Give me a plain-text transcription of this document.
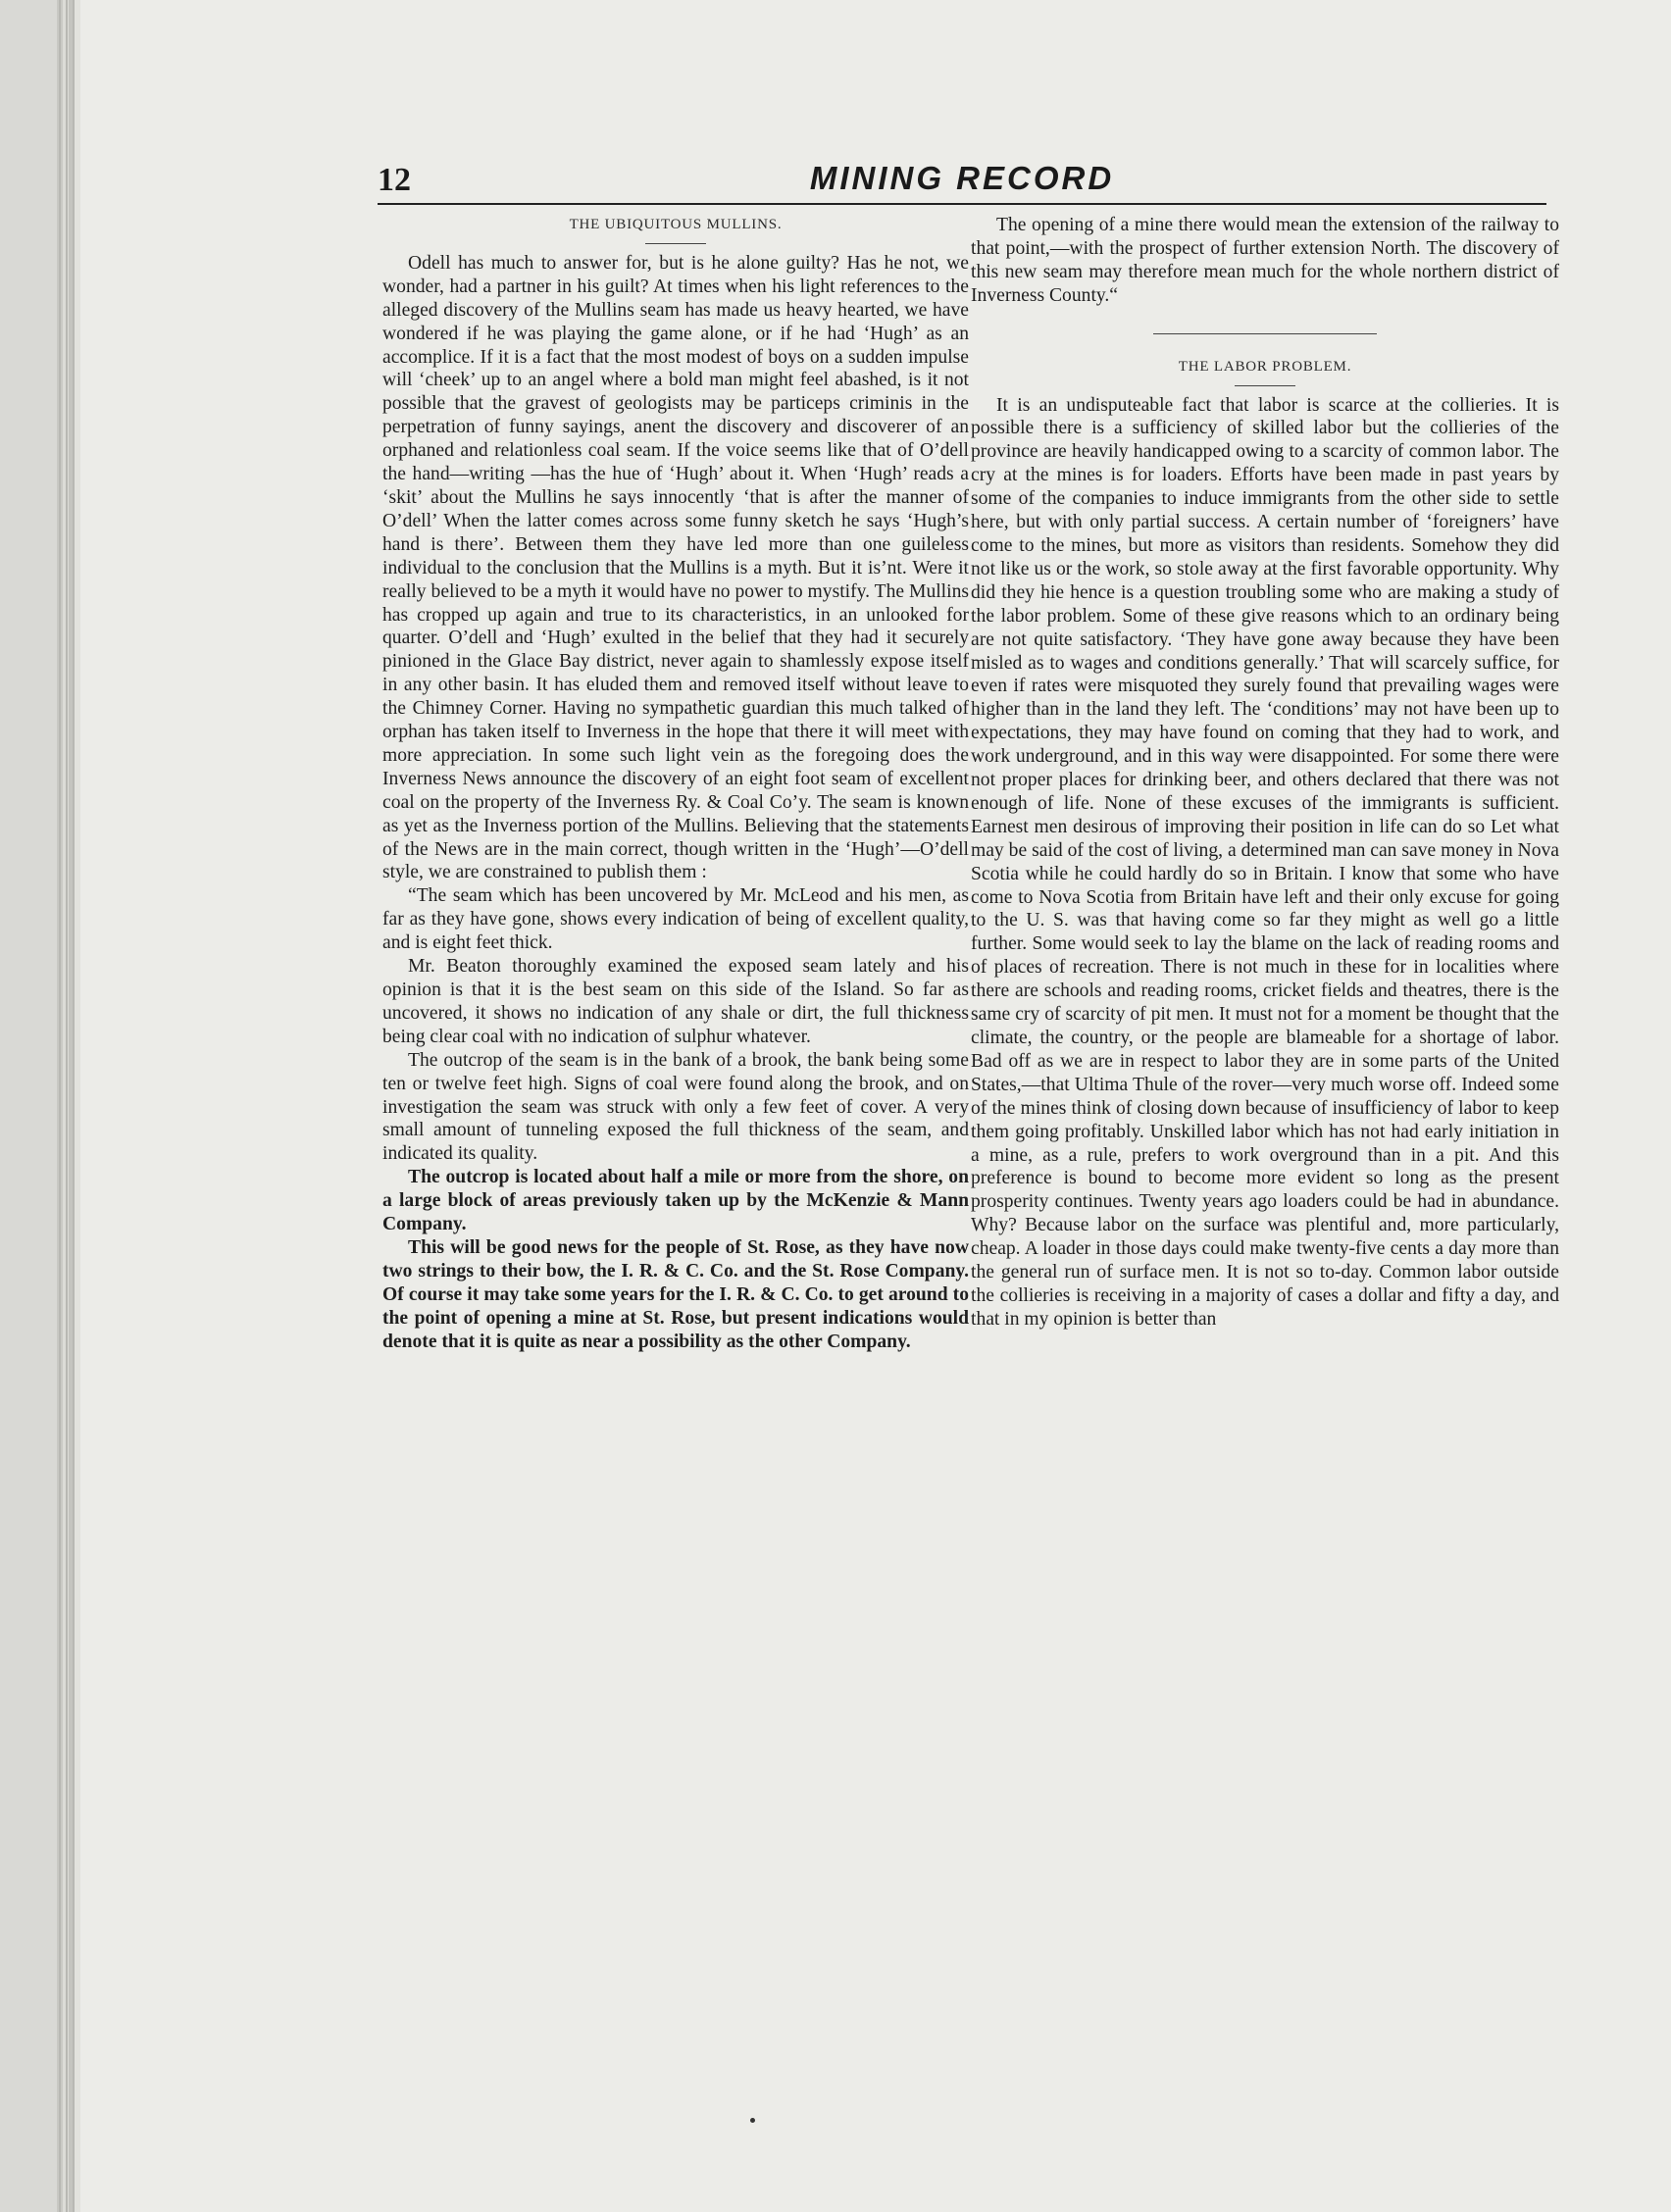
12	MINING RECORD
THE UBIQUITOUS MULLINS.

Odell has much to answer for, but is he alone guilty? Has he not, we wonder, had a partner in his guilt? At times when his light references to the alleged discovery of the Mullins seam has made us heavy hearted, we have wondered if he was playing the game alone, or if he had ‘Hugh’ as an accomplice. If it is a fact that the most modest of boys on a sudden impulse will ‘cheek’ up to an angel where a bold man might feel abashed, is it not possible that the gravest of geologists may be particeps criminis in the perpetration of funny sayings, anent the discovery and discoverer of an orphaned and relationless coal seam. If the voice seems like that of O’dell the hand—writing —has the hue of ‘Hugh’ about it. When ‘Hugh’ reads a ‘skit’ about the Mullins he says innocently ‘that is after the manner of O’dell’ When the latter comes across some funny sketch he says ‘Hugh’s hand is there’. Between them they have led more than one guileless individual to the conclusion that the Mullins is a myth. But it is’nt. Were it really believed to be a myth it would have no power to mystify. The Mullins has cropped up again and true to its characteristics, in an unlooked for quarter. O’dell and ‘Hugh’ exulted in the belief that they had it securely pinioned in the Glace Bay district, never again to shamlessly expose itself in any other basin. It has eluded them and removed itself without leave to the Chimney Corner. Having no sympathetic guardian this much talked of orphan has taken itself to Inverness in the hope that there it will meet with more appreciation. In some such light vein as the foregoing does the Inverness News announce the discovery of an eight foot seam of excellent coal on the property of the Inverness Ry. & Coal Co’y. The seam is known as yet as the Inverness portion of the Mullins. Believing that the statements of the News are in the main correct, though written in the ‘Hugh’—O’dell style, we are constrained to publish them :

“The seam which has been uncovered by Mr. McLeod and his men, as far as they have gone, shows every indication of being of excellent quality, and is eight feet thick.

Mr. Beaton thoroughly examined the exposed seam lately and his opinion is that it is the best seam on this side of the Island. So far as uncovered, it shows no indication of any shale or dirt, the full thickness being clear coal with no indication of sulphur whatever.

The outcrop of the seam is in the bank of a brook, the bank being some ten or twelve feet high. Signs of coal were found along the brook, and on investigation the seam was struck with only a few feet of cover. A very small amount of tunneling exposed the full thickness of the seam, and indicated its quality.

The outcrop is located about half a mile or more from the shore, on a large block of areas previously taken up by the McKenzie & Mann Company.

This will be good news for the people of St. Rose, as they have now two strings to their bow, the I. R. & C. Co. and the St. Rose Company. Of course it may take some years for the I. R. & C. Co. to get around to the point of opening a mine at St. Rose, but present indications would denote that it is quite as near a possibility as the other Company.

The opening of a mine there would mean the extension of the railway to that point,—with the prospect of further extension North. The discovery of this new seam may therefore mean much for the whole northern district of Inverness County.“

THE LABOR PROBLEM.

It is an undisputeable fact that labor is scarce at the collieries. It is possible there is a sufficiency of skilled labor but the collieries of the province are heavily handicapped owing to a scarcity of common labor. The cry at the mines is for loaders. Efforts have been made in past years by some of the companies to induce immigrants from the other side to settle here, but with only partial success. A certain number of ‘foreigners’ have come to the mines, but more as visitors than residents. Somehow they did not like us or the work, so stole away at the first favorable opportunity. Why did they hie hence is a question troubling some who are making a study of the labor problem. Some of these give reasons which to an ordinary being are not quite satisfactory. ‘They have gone away because they have been misled as to wages and conditions generally.’ That will scarcely suffice, for even if rates were misquoted they surely found that prevailing wages were higher than in the land they left. The ‘conditions’ may not have been up to expectations, they may have found on coming that they had to work, and work underground, and in this way were disappointed. For some there were not proper places for drinking beer, and others declared that there was not enough of life. None of these excuses of the immigrants is sufficient. Earnest men desirous of improving their position in life can do so Let what may be said of the cost of living, a determined man can save money in Nova Scotia while he could hardly do so in Britain. I know that some who have come to Nova Scotia from Britain have left and their only excuse for going to the U. S. was that having come so far they might as well go a little further. Some would seek to lay the blame on the lack of reading rooms and of places of recreation. There is not much in these for in localities where there are schools and reading rooms, cricket fields and theatres, there is the same cry of scarcity of pit men. It must not for a moment be thought that the climate, the country, or the people are blameable for a shortage of labor. Bad off as we are in respect to labor they are in some parts of the United States,—that Ultima Thule of the rover—very much worse off. Indeed some of the mines think of closing down because of insufficiency of labor to keep them going profitably. Unskilled labor which has not had early initiation in a mine, as a rule, prefers to work overground than in a pit. And this preference is bound to become more evident so long as the present prosperity continues. Twenty years ago loaders could be had in abundance. Why? Because labor on the surface was plentiful and, more particularly, cheap. A loader in those days could make twenty-five cents a day more than the general run of surface men. It is not so to-day. Common labor outside the collieries is receiving in a majority of cases a dollar and fifty a day, and that in my opinion is better than
